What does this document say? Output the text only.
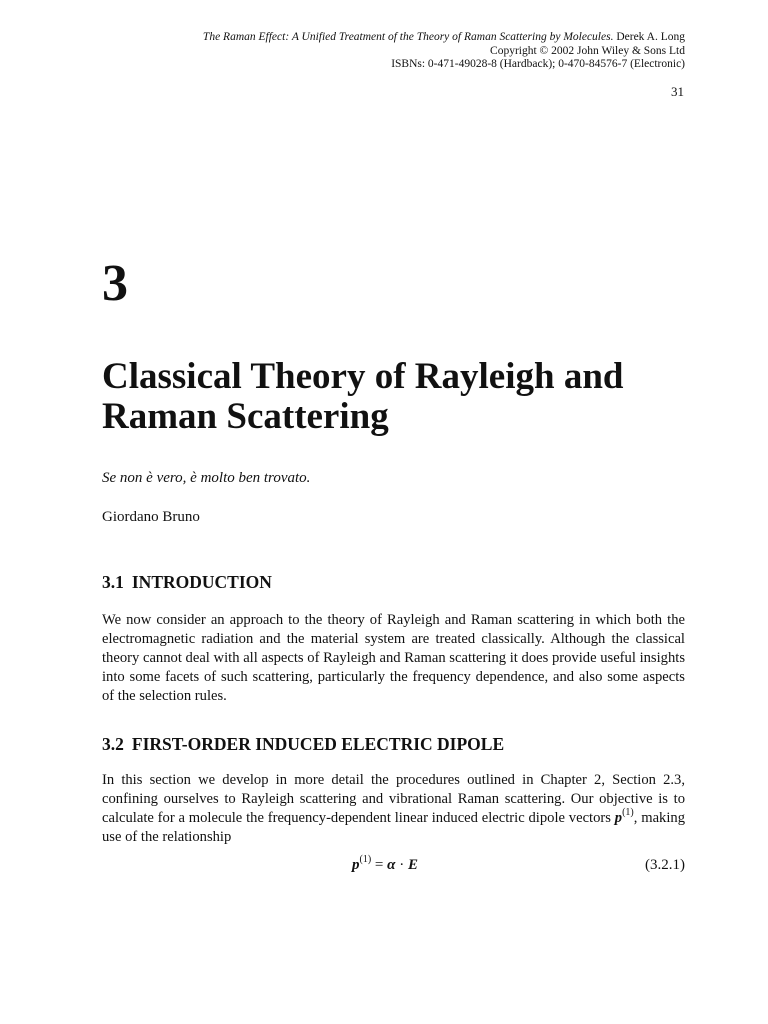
The Raman Effect: A Unified Treatment of the Theory of Raman Scattering by Molecules. Derek A. Long
Copyright © 2002 John Wiley & Sons Ltd
ISBNs: 0-471-49028-8 (Hardback); 0-470-84576-7 (Electronic)
31
3
Classical Theory of Rayleigh and
Raman Scattering
Se non è vero, è molto ben trovato.
Giordano Bruno
3.1 INTRODUCTION

We now consider an approach to the theory of Rayleigh and Raman scattering in which both the electromagnetic radiation and the material system are treated classically. Although the classical theory cannot deal with all aspects of Rayleigh and Raman scattering it does provide useful insights into some facets of such scattering, particularly the frequency dependence, and also some aspects of the selection rules.

3.2 FIRST-ORDER INDUCED ELECTRIC DIPOLE

In this section we develop in more detail the procedures outlined in Chapter 2, Section 2.3, confining ourselves to Rayleigh scattering and vibrational Raman scattering. Our objective is to calculate for a molecule the frequency-dependent linear induced electric dipole vectors $p^{(1)}$, making use of the relationship

$p^{(1)} = \alpha \cdot E$	(3.2.1)
